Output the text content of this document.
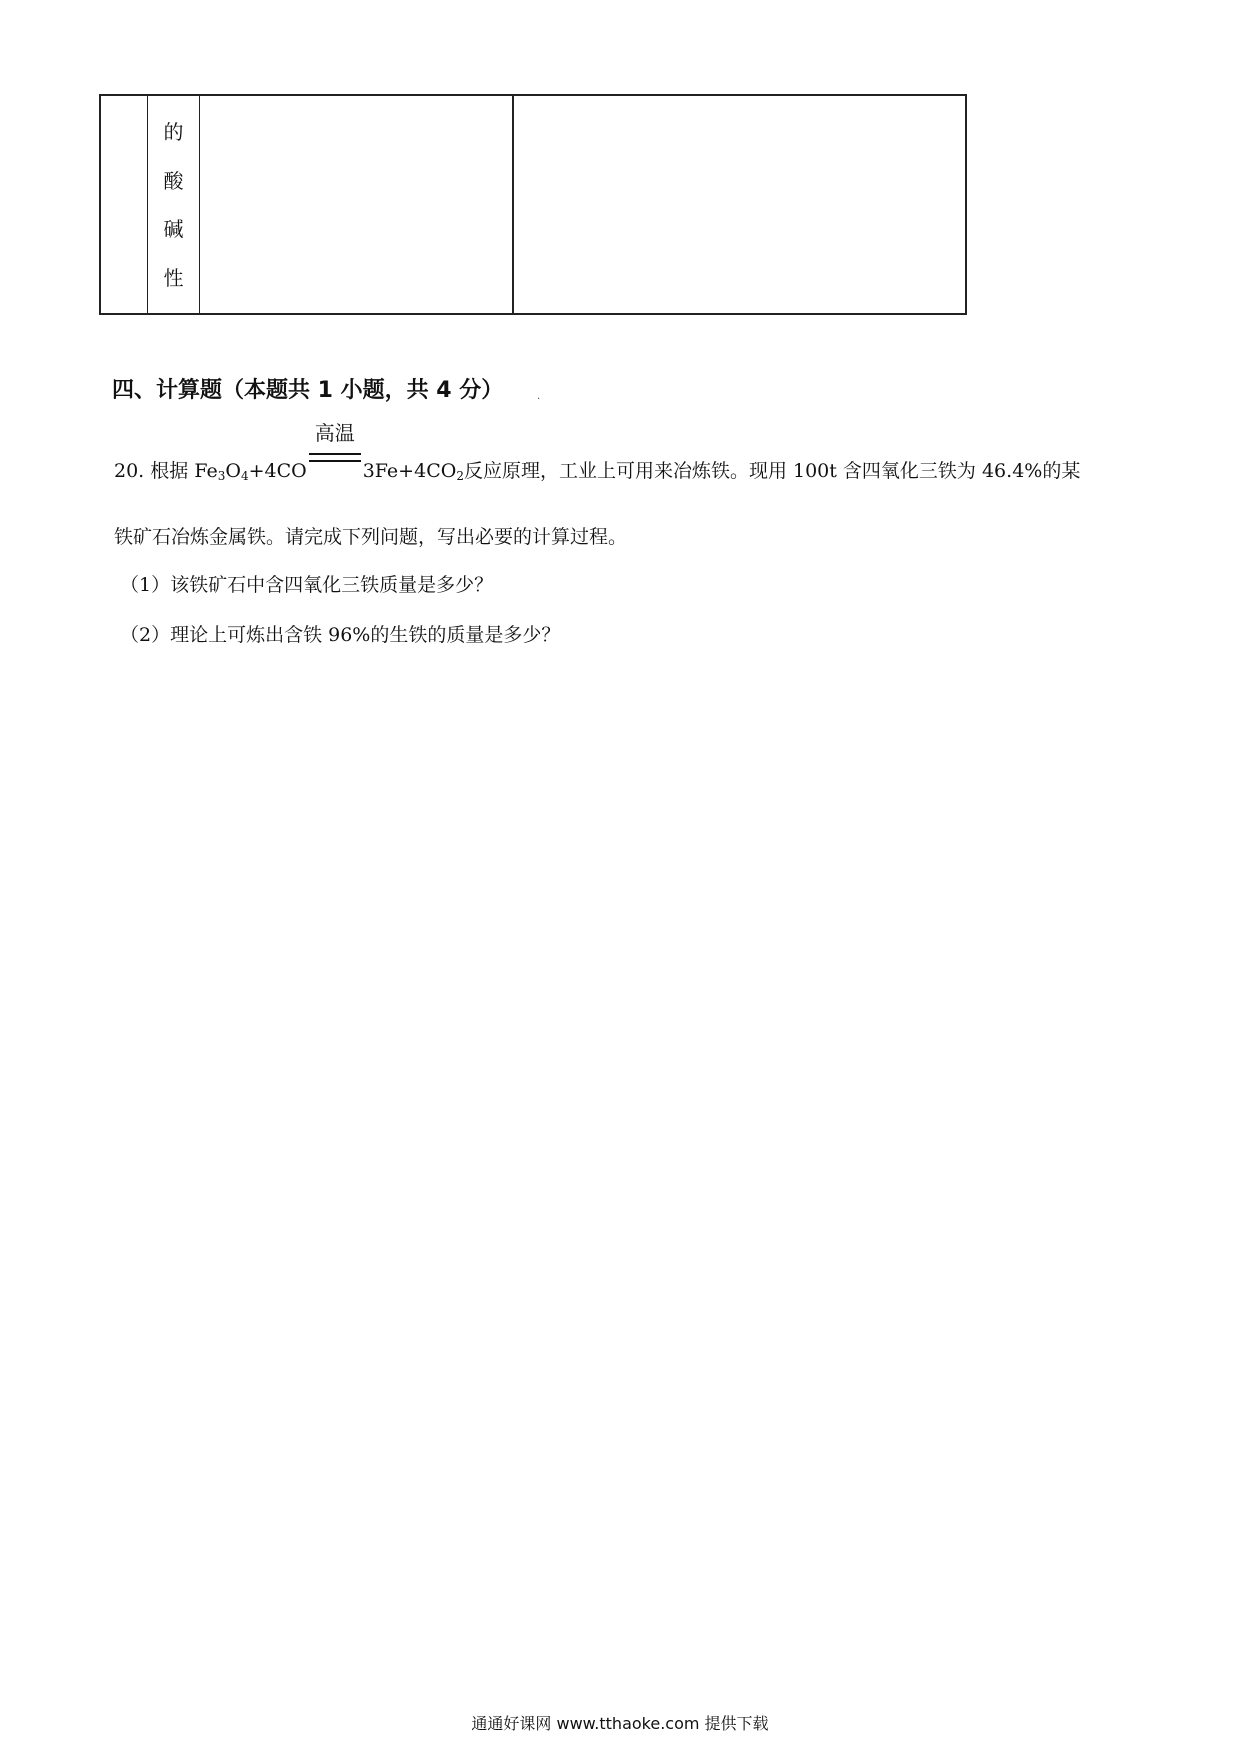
的
酸
碱
性
四、计算题（本题共 1 小题，共 4 分）	.
20. 根据 $Fe_3O_4+4CO$
高温
$3Fe+4CO_2$反应原理，工业上可用来冶炼铁。现用 100t 含四氧化三铁为 46.4%的某
铁矿石冶炼金属铁。请完成下列问题，写出必要的计算过程。
（1）该铁矿石中含四氧化三铁质量是多少？
（2）理论上可炼出含铁 96%的生铁的质量是多少？
通通好课网 www.tthaoke.com 提供下载
